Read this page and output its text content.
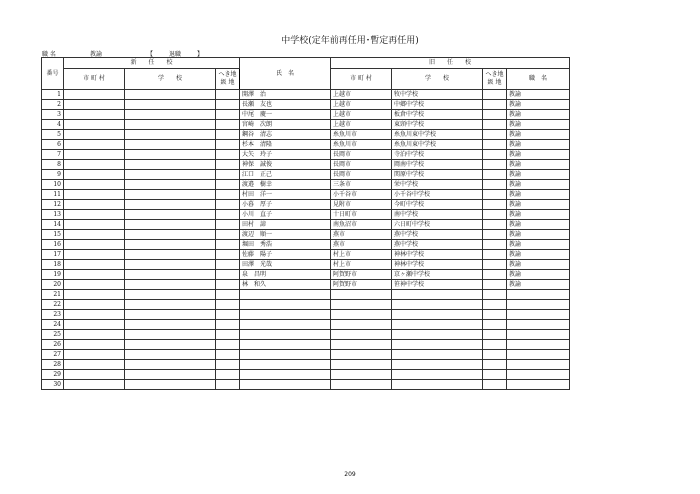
中学校(定年前再任用･暫定再任用)
職 名	教諭	【	退職	】
番号	新　　任　　校			氏　名	旧　　任　　校			
	市 町 村	学　　校	へき地
級 地		市 町 村	学　　校	へき地
級 地	職　名
1				開澤　治	上越市	牧中学校		教諭
2				長瀬　友也	上越市	中郷中学校		教諭
3				中尾　慶一	上越市	板倉中学校		教諭
4				宮崎　次朗	上越市	東頸中学校		教諭
5				鋼谷　清志	糸魚川市	糸魚川東中学校		教諭
6				杉本　清隆	糸魚川市	糸魚川東中学校		教諭
7				大矢　玲子	長岡市	寺泊中学校		教諭
8				神保　誠俊	長岡市	岡南中学校		教諭
9				江口　正己	長岡市	関原中学校		教諭
10				渡邉　樹幸	三条市	栄中学校		教諭
11				村田　洋一	小千谷市	小千谷中学校		教諭
12				小暮　厚子	見附市	今町中学校		教諭
13				小川　直子	十日町市	南中学校		教諭
14				田村　諦	南魚沼市	六日町中学校		教諭
15				渡辺　順一	燕市	燕中学校		教諭
16				堀田　秀浩	燕市	燕中学校		教諭
17				佐藤　陽子	村上市	神林中学校		教諭
18				田澤　光哉	村上市	神林中学校		教諭
19				泉　昌明	阿賀野市	京ヶ瀬中学校		教諭
20				林　和久	阿賀野市	笹神中学校		教諭
21								
22								
23								
24								
25								
26								
27								
28								
29								
30								
209
